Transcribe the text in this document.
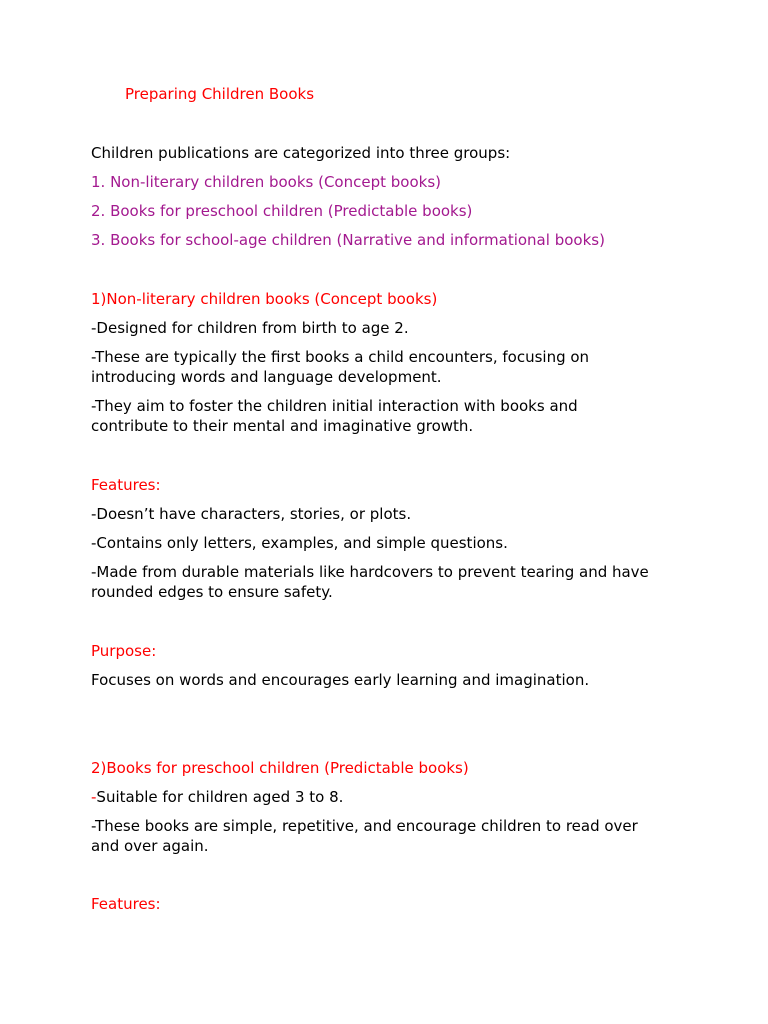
Preparing Children Books

Children publications are categorized into three groups:

1. Non-literary children books (Concept books)

2. Books for preschool children (Predictable books)

3. Books for school-age children (Narrative and informational books)

1)Non-literary children books (Concept books)

-Designed for children from birth to age 2.

-These are typically the first books a child encounters, focusing on introducing words and language development.

-They aim to foster the children initial interaction with books and contribute to their mental and imaginative growth.

Features:

-Doesn’t have characters, stories, or plots.

-Contains only letters, examples, and simple questions.

-Made from durable materials like hardcovers to prevent tearing and have rounded edges to ensure safety.

Purpose:

Focuses on words and encourages early learning and imagination.

2)Books for preschool children (Predictable books)

-Suitable for children aged 3 to 8.

-These books are simple, repetitive, and encourage children to read over and over again.

Features:
